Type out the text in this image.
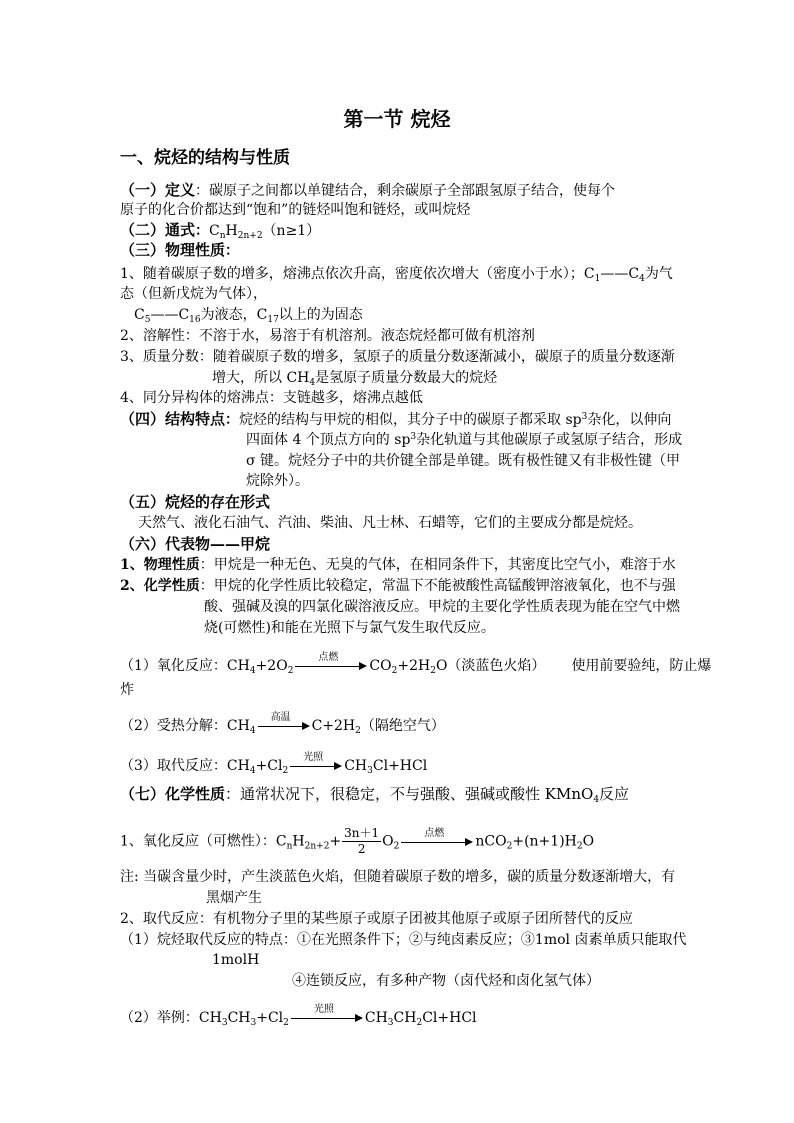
第一节 烷烃
一、烷烃的结构与性质
（一）定义：碳原子之间都以单键结合，剩余碳原子全部跟氢原子结合，使每个
原子的化合价都达到“饱和”的链烃叫饱和链烃，或叫烷烃
（二）通式：$C_nH_{2n+2}(n\ge 1)$
（三）物理性质：
1、随着碳原子数的增多，熔沸点依次升高，密度依次增大（密度小于水）；$C_1——C_4$为气
态（但新戊烷为气体），
$C_5——C_{16}$为液态，$C_{17}$以上的为固态
2、溶解性：不溶于水，易溶于有机溶剂。液态烷烃都可做有机溶剂
3、质量分数：随着碳原子数的增多，氢原子的质量分数逐渐减小，碳原子的质量分数逐渐
增大，所以 $CH_4$是氢原子质量分数最大的烷烃
4、同分异构体的熔沸点：支链越多，熔沸点越低
（四）结构特点：烷烃的结构与甲烷的相似，其分子中的碳原子都采取 $sp^3$杂化，以伸向
四面体 4 个顶点方向的 $sp^3$杂化轨道与其他碳原子或氢原子结合，形成
σ 键。烷烃分子中的共价键全部是单键。既有极性键又有非极性键（甲
烷除外）。
（五）烷烃的存在形式
天然气、液化石油气、汽油、柴油、凡士林、石蜡等，它们的主要成分都是烷烃。
（六）代表物——甲烷
1、物理性质：甲烷是一种无色、无臭的气体，在相同条件下，其密度比空气小，难溶于水
2、化学性质：甲烷的化学性质比较稳定，常温下不能被酸性高锰酸钾溶液氧化，也不与强
酸、强碱及溴的四氯化碳溶液反应。甲烷的主要化学性质表现为能在空气中燃
烧(可燃性)和能在光照下与氯气发生取代反应。
（1）氧化反应：$CH_4+2O_2$
点燃
$CO_2+2H_2O$（淡蓝色火焰） 使用前要验纯，防止爆
炸
（2）受热分解：$CH_4$
高温
$C+2H_2$（隔绝空气）
（3）取代反应：$CH_4+Cl_2$
光照
$CH_3Cl+HCl$
（七）化学性质：通常状况下，很稳定，不与强酸、强碱或酸性 KMnO$_4$反应
1、氧化反应（可燃性）：$C_nH_{2n+2}+ \frac{3n+1}{2} O_2$
点燃
$nCO_2+(n+1)H_2O$
注: 当碳含量少时，产生淡蓝色火焰，但随着碳原子数的增多，碳的质量分数逐渐增大，有
黑烟产生
2、取代反应：有机物分子里的某些原子或原子团被其他原子或原子团所替代的反应
（1）烷烃取代反应的特点：①在光照条件下；②与纯卤素反应；③1mol 卤素单质只能取代
1molH
④连锁反应，有多种产物（卤代烃和卤化氢气体）
（2）举例：$CH_3CH_3+Cl_2$
光照
$CH_3CH_2Cl+HCl$
